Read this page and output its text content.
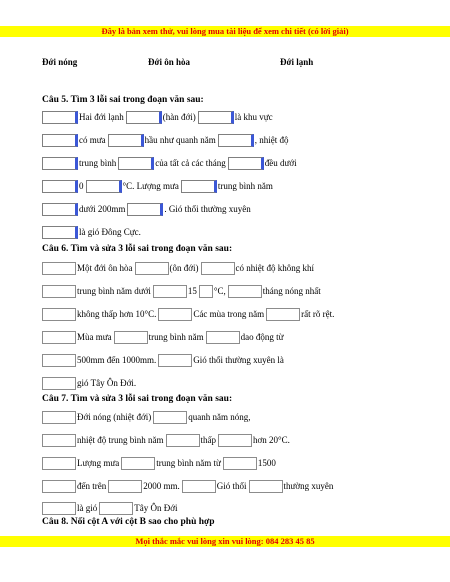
Đây là bản xem thử, vui lòng mua tài liệu để xem chi tiết (có lời giải)
Đới nóng	Đới ôn hòa	Đới lạnh
Câu 5. Tìm 3 lỗi sai trong đoạn văn sau:
Hai đới lạnh	(hàn đới)	là khu vực
có mưa	hầu như quanh năm	, nhiệt độ
trung bình	của tất cả các tháng	đều dưới
0	°C. Lượng mưa	trung bình năm
dưới 200mm	. Gió thổi thường xuyên
là gió Đông Cực.
Câu 6. Tìm và sửa 3 lỗi sai trong đoạn văn sau:
Một đới ôn hòa	(ôn đới)	có nhiệt độ không khí
trung bình năm dưới	15 °C,	tháng nóng nhất
không thấp hơn 10°C.	Các mùa trong năm	rất rõ rệt.
Mùa mưa	trung bình năm	dao động từ
500mm đến 1000mm.	Gió thổi thường xuyên là
gió Tây Ôn Đới.
Câu 7. Tìm và sửa 3 lỗi sai trong đoạn văn sau:
Đới nóng (nhiệt đới)	quanh năm nóng,
nhiệt độ trung bình năm	thấp	hơn 20°C.
Lượng mưa	trung bình năm từ	1500
đến trên	2000 mm.	Gió thổi	thường xuyên
là gió	Tây Ôn Đới
Câu 8. Nối cột A với cột B sao cho phù hợp
Mọi thắc mắc vui lòng xin vui lòng: 084 283 45 85
